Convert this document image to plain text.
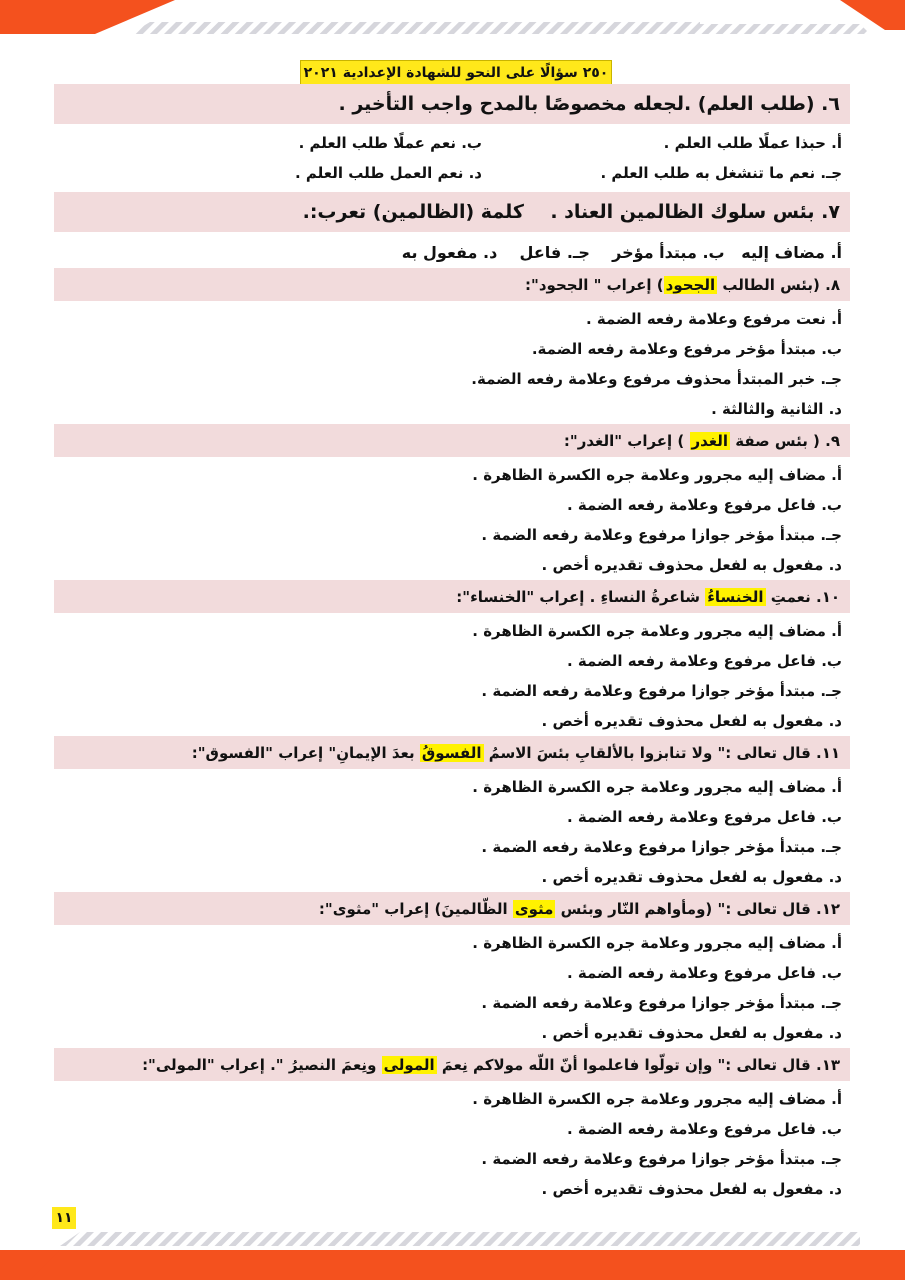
٢٥٠ سؤالًا على النحو للشهادة الإعدادية ٢٠٢١
٦. (طلب العلم) .لجعله مخصوصًا بالمدح واجب التأخير .
أ. حبذا عملًا طلب العلم .
ب. نعم عملًا طلب العلم .
جـ. نعم ما تنشغل به طلب العلم .
د. نعم العمل طلب العلم .
٧. بئس سلوك الظالمين العناد .    كلمة (الظالمين) تعرب:.
أ. مضاف إليه   ب. مبتدأ مؤخر    جـ. فاعل    د. مفعول به
٨. (بئس الطالب
الجحود
) إعراب " الجحود":
أ. نعت مرفوع وعلامة رفعه الضمة .
ب. مبتدأ مؤخر مرفوع وعلامة رفعه الضمة.
جـ. خبر المبتدأ محذوف مرفوع وعلامة رفعه الضمة.
د. الثانية والثالثة .
٩. ( بئس صفة
الغدر
) إعراب "الغدر":
أ. مضاف إليه مجرور وعلامة جره الكسرة الظاهرة .
ب. فاعل مرفوع وعلامة رفعه الضمة .
جـ. مبتدأ مؤخر جوازا مرفوع وعلامة رفعه الضمة .
د. مفعول به لفعل محذوف تقديره أخص .
١٠. نعمتِ
الخنساءُ
شاعرةُ النساءِ . إعراب "الخنساء":
أ. مضاف إليه مجرور وعلامة جره الكسرة الظاهرة .
ب. فاعل مرفوع وعلامة رفعه الضمة .
جـ. مبتدأ مؤخر جوازا مرفوع وعلامة رفعه الضمة .
د. مفعول به لفعل محذوف تقديره أخص .
١١. قال تعالى :" ولا تنابزوا بالألقابِ بئسَ الاسمُ
الفسوقُ
بعدَ الإيمانِ" إعراب "الفسوق":
أ. مضاف إليه مجرور وعلامة جره الكسرة الظاهرة .
ب. فاعل مرفوع وعلامة رفعه الضمة .
جـ. مبتدأ مؤخر جوازا مرفوع وعلامة رفعه الضمة .
د. مفعول به لفعل محذوف تقديره أخص .
١٢. قال تعالى :" (ومأواهم النّار وبئس
مثوى
الظّالمينَ) إعراب "مثوى":
أ. مضاف إليه مجرور وعلامة جره الكسرة الظاهرة .
ب. فاعل مرفوع وعلامة رفعه الضمة .
جـ. مبتدأ مؤخر جوازا مرفوع وعلامة رفعه الضمة .
د. مفعول به لفعل محذوف تقديره أخص .
١٣. قال تعالى :" وإن تولّوا فاعلموا أنّ اللّه مولاكم نِعمَ
المولى
ونِعمَ النصيرُ ". إعراب "المولى":
أ. مضاف إليه مجرور وعلامة جره الكسرة الظاهرة .
ب. فاعل مرفوع وعلامة رفعه الضمة .
جـ. مبتدأ مؤخر جوازا مرفوع وعلامة رفعه الضمة .
د. مفعول به لفعل محذوف تقديره أخص .
١١
